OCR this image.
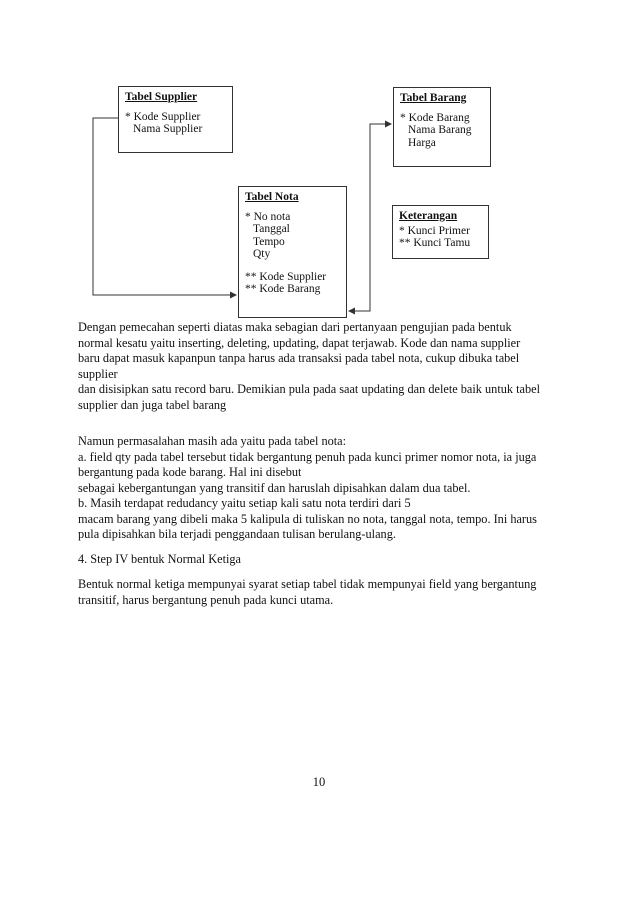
Tabel Supplier
* Kode Supplier
Nama Supplier
Tabel Barang
* Kode Barang
Nama Barang
Harga
Tabel Nota
* No nota
Tanggal
Tempo
Qty
** Kode Supplier
** Kode Barang
Keterangan
* Kunci Primer
** Kunci Tamu

Dengan pemecahan seperti diatas maka sebagian dari pertanyaan pengujian pada bentuk

normal kesatu yaitu inserting, deleting, updating, dapat terjawab. Kode dan nama supplier

baru dapat masuk kapanpun tanpa harus ada transaksi pada tabel nota, cukup dibuka tabel

supplier

dan disisipkan satu record baru. Demikian pula pada saat updating dan delete baik untuk tabel

supplier dan juga tabel barang

Namun permasalahan masih ada yaitu pada tabel nota:

a. field qty pada tabel tersebut tidak bergantung penuh pada kunci primer nomor nota, ia juga

bergantung pada kode barang. Hal ini disebut

sebagai kebergantungan yang transitif dan haruslah dipisahkan dalam dua tabel.

b. Masih terdapat redudancy yaitu setiap kali satu nota terdiri dari 5

macam barang yang dibeli maka 5 kalipula di tuliskan no nota, tanggal nota, tempo. Ini harus

pula dipisahkan bila terjadi penggandaan tulisan berulang-ulang.

4. Step IV bentuk Normal Ketiga

Bentuk normal ketiga mempunyai syarat setiap tabel tidak mempunyai field yang bergantung

transitif, harus bergantung penuh pada kunci utama.

10
